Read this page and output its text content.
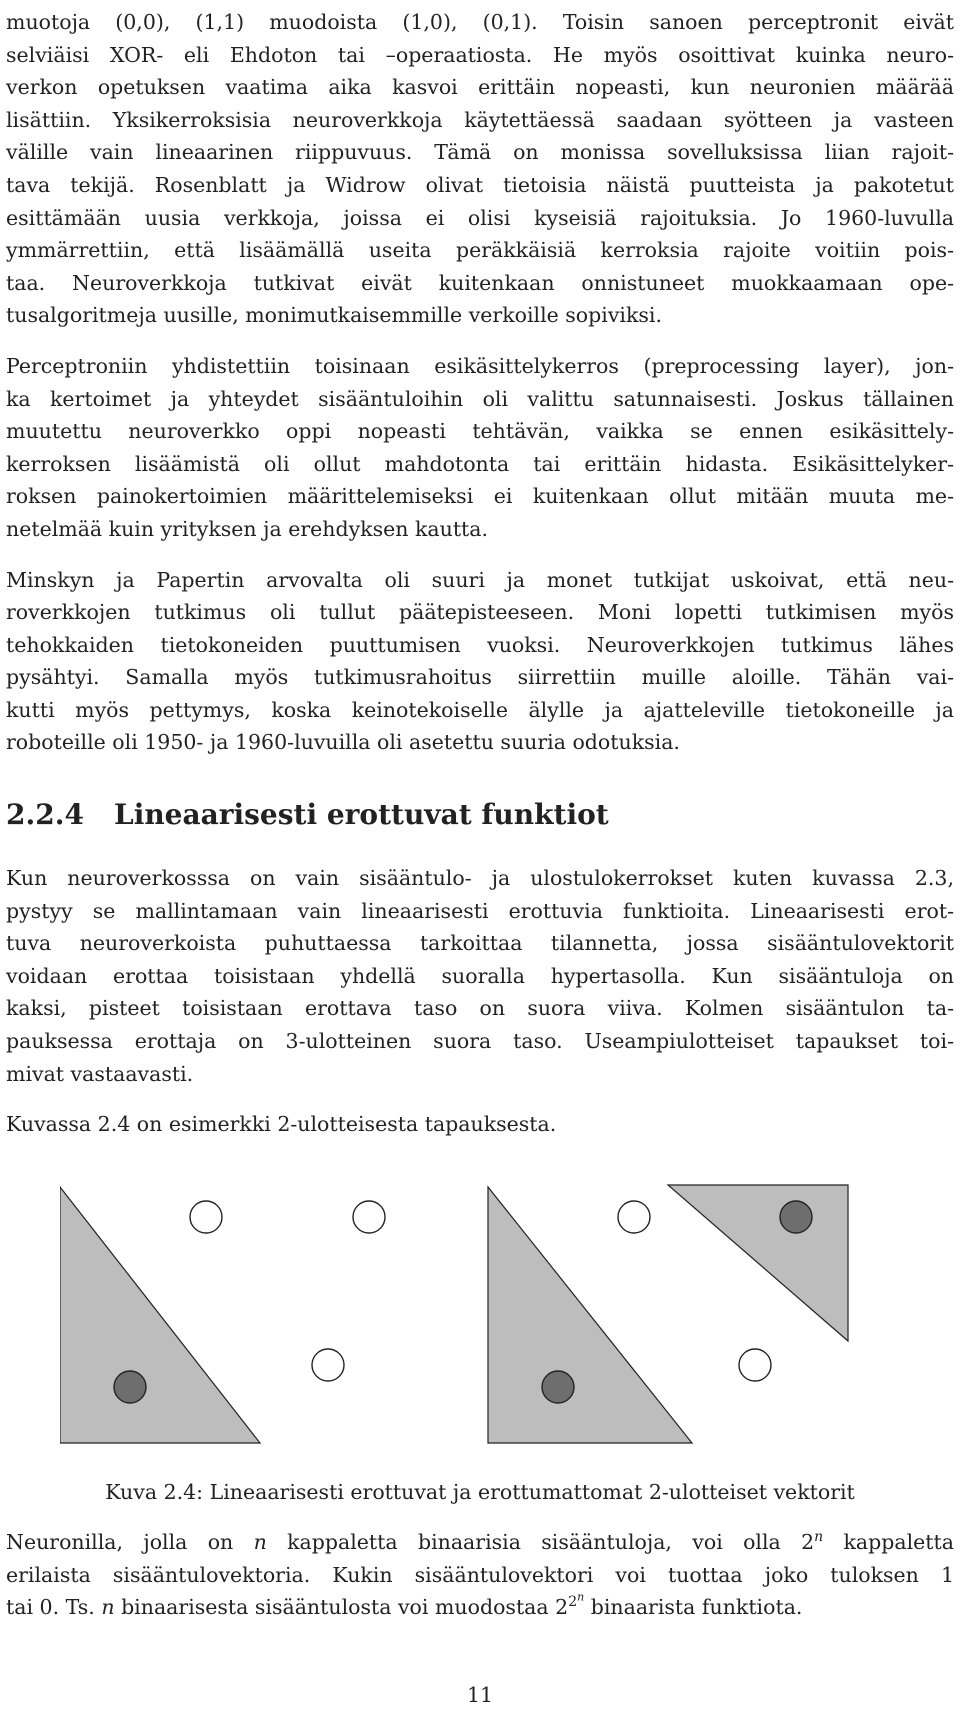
muotoja (0,0), (1,1) muodoista (1,0), (0,1). Toisin sanoen perceptronit eivät
selviäisi XOR- eli Ehdoton tai –operaatiosta. He myös osoittivat kuinka neuro-
verkon opetuksen vaatima aika kasvoi erittäin nopeasti, kun neuronien määrää
lisättiin. Yksikerroksisia neuroverkkoja käytettäessä saadaan syötteen ja vasteen
välille vain lineaarinen riippuvuus. Tämä on monissa sovelluksissa liian rajoit-
tava tekijä. Rosenblatt ja Widrow olivat tietoisia näistä puutteista ja pakotetut
esittämään uusia verkkoja, joissa ei olisi kyseisiä rajoituksia. Jo 1960-luvulla
ymmärrettiin, että lisäämällä useita peräkkäisiä kerroksia rajoite voitiin pois-
taa. Neuroverkkoja tutkivat eivät kuitenkaan onnistuneet muokkaamaan ope-
tusalgoritmeja uusille, monimutkaisemmille verkoille sopiviksi.

Perceptroniin yhdistettiin toisinaan esikäsittelykerros (preprocessing layer), jon-
ka kertoimet ja yhteydet sisääntuloihin oli valittu satunnaisesti. Joskus tällainen
muutettu neuroverkko oppi nopeasti tehtävän, vaikka se ennen esikäsittely-
kerroksen lisäämistä oli ollut mahdotonta tai erittäin hidasta. Esikäsittelyker-
roksen painokertoimien määrittelemiseksi ei kuitenkaan ollut mitään muuta me-
netelmää kuin yrityksen ja erehdyksen kautta.

Minskyn ja Papertin arvovalta oli suuri ja monet tutkijat uskoivat, että neu-
roverkkojen tutkimus oli tullut päätepisteeseen. Moni lopetti tutkimisen myös
tehokkaiden tietokoneiden puuttumisen vuoksi. Neuroverkkojen tutkimus lähes
pysähtyi. Samalla myös tutkimusrahoitus siirrettiin muille aloille. Tähän vai-
kutti myös pettymys, koska keinotekoiselle älylle ja ajatteleville tietokoneille ja
roboteille oli 1950- ja 1960-luvuilla oli asetettu suuria odotuksia.

2.2.4 Lineaarisesti erottuvat funktiot

Kun neuroverkosssa on vain sisääntulo- ja ulostulokerrokset kuten kuvassa 2.3,
pystyy se mallintamaan vain lineaarisesti erottuvia funktioita. Lineaarisesti erot-
tuva neuroverkoista puhuttaessa tarkoittaa tilannetta, jossa sisääntulovektorit
voidaan erottaa toisistaan yhdellä suoralla hypertasolla. Kun sisääntuloja on
kaksi, pisteet toisistaan erottava taso on suora viiva. Kolmen sisääntulon ta-
pauksessa erottaja on 3-ulotteinen suora taso. Useampiulotteiset tapaukset toi-
mivat vastaavasti.

Kuvassa 2.4 on esimerkki 2-ulotteisesta tapauksesta.

Kuva 2.4: Lineaarisesti erottuvat ja erottumattomat 2-ulotteiset vektorit

Neuronilla, jolla on n kappaletta binaarisia sisääntuloja, voi olla 2$^n$ kappaletta
erilaista sisääntulovektoria. Kukin sisääntulovektori voi tuottaa joko tuloksen 1
tai 0. Ts. n binaarisesta sisääntulosta voi muodostaa $2^{2^n}$ binaarista funktiota.

11
